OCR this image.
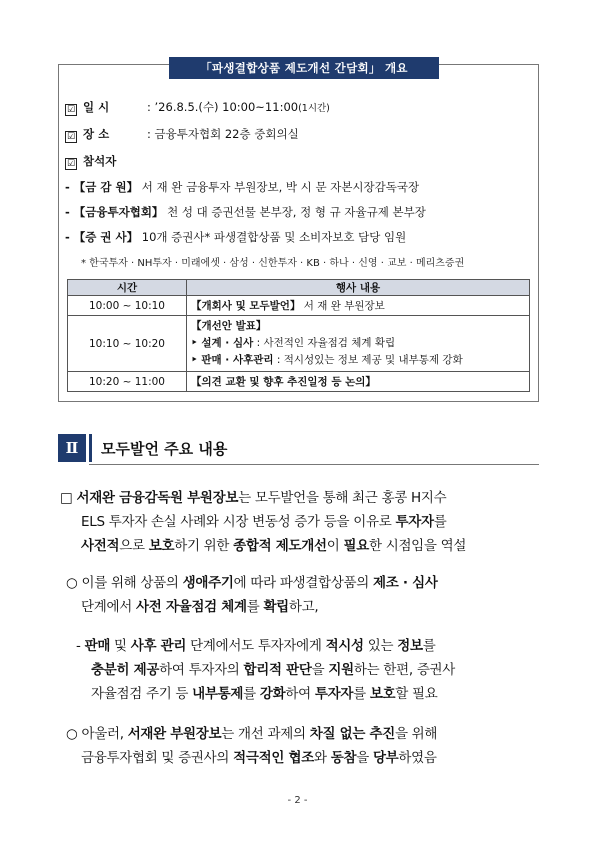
「파생결합상품 제도개선 간담회」 개요
☑ 일 시	: ’26.8.5.(수) 10:00~11:00(1시간)
☑ 장 소	: 금융투자협회 22층 중회의실
☑ 참석자
- 【금 감 원】 서 재 완 금융투자 부원장보, 박 시 문 자본시장감독국장
- 【금융투자협회】 천 성 대 증권선물 본부장, 정 형 규 자율규제 본부장
- 【증 권 사】 10개 증권사* 파생결합상품 및 소비자보호 담당 임원
* 한국투자 · NH투자 · 미래에셋 · 삼성 · 신한투자 · KB · 하나 · 신영 · 교보 · 메리츠증권
시간	행사 내용
10:00 ~ 10:10	【개회사 및 모두발언】 서 재 완 부원장보
10:10 ~ 10:20	【개선안 발표】
‣ 설계 · 심사 : 사전적인 자율점검 체계 확립
‣ 판매 · 사후관리 : 적시성있는 정보 제공 및 내부통제 강화

10:20 ~ 11:00	【의견 교환 및 향후 추진일정 등 논의】
Ⅱ	모두발언 주요 내용
□ 서재완 금융감독원 부원장보는 모두발언을 통해 최근 홍콩 H지수
ELS 투자자 손실 사례와 시장 변동성 증가 등을 이유로 투자자를
사전적으로 보호하기 위한 종합적 제도개선이 필요한 시점임을 역설
○ 이를 위해 상품의 생애주기에 따라 파생결합상품의 제조 · 심사
단계에서 사전 자율점검 체계를 확립하고,
- 판매 및 사후 관리 단계에서도 투자자에게 적시성 있는 정보를
충분히 제공하여 투자자의 합리적 판단을 지원하는 한편, 증권사
자율점검 주기 등 내부통제를 강화하여 투자자를 보호할 필요
○ 아울러, 서재완 부원장보는 개선 과제의 차질 없는 추진을 위해
금융투자협회 및 증권사의 적극적인 협조와 동참을 당부하였음
- 2 -
